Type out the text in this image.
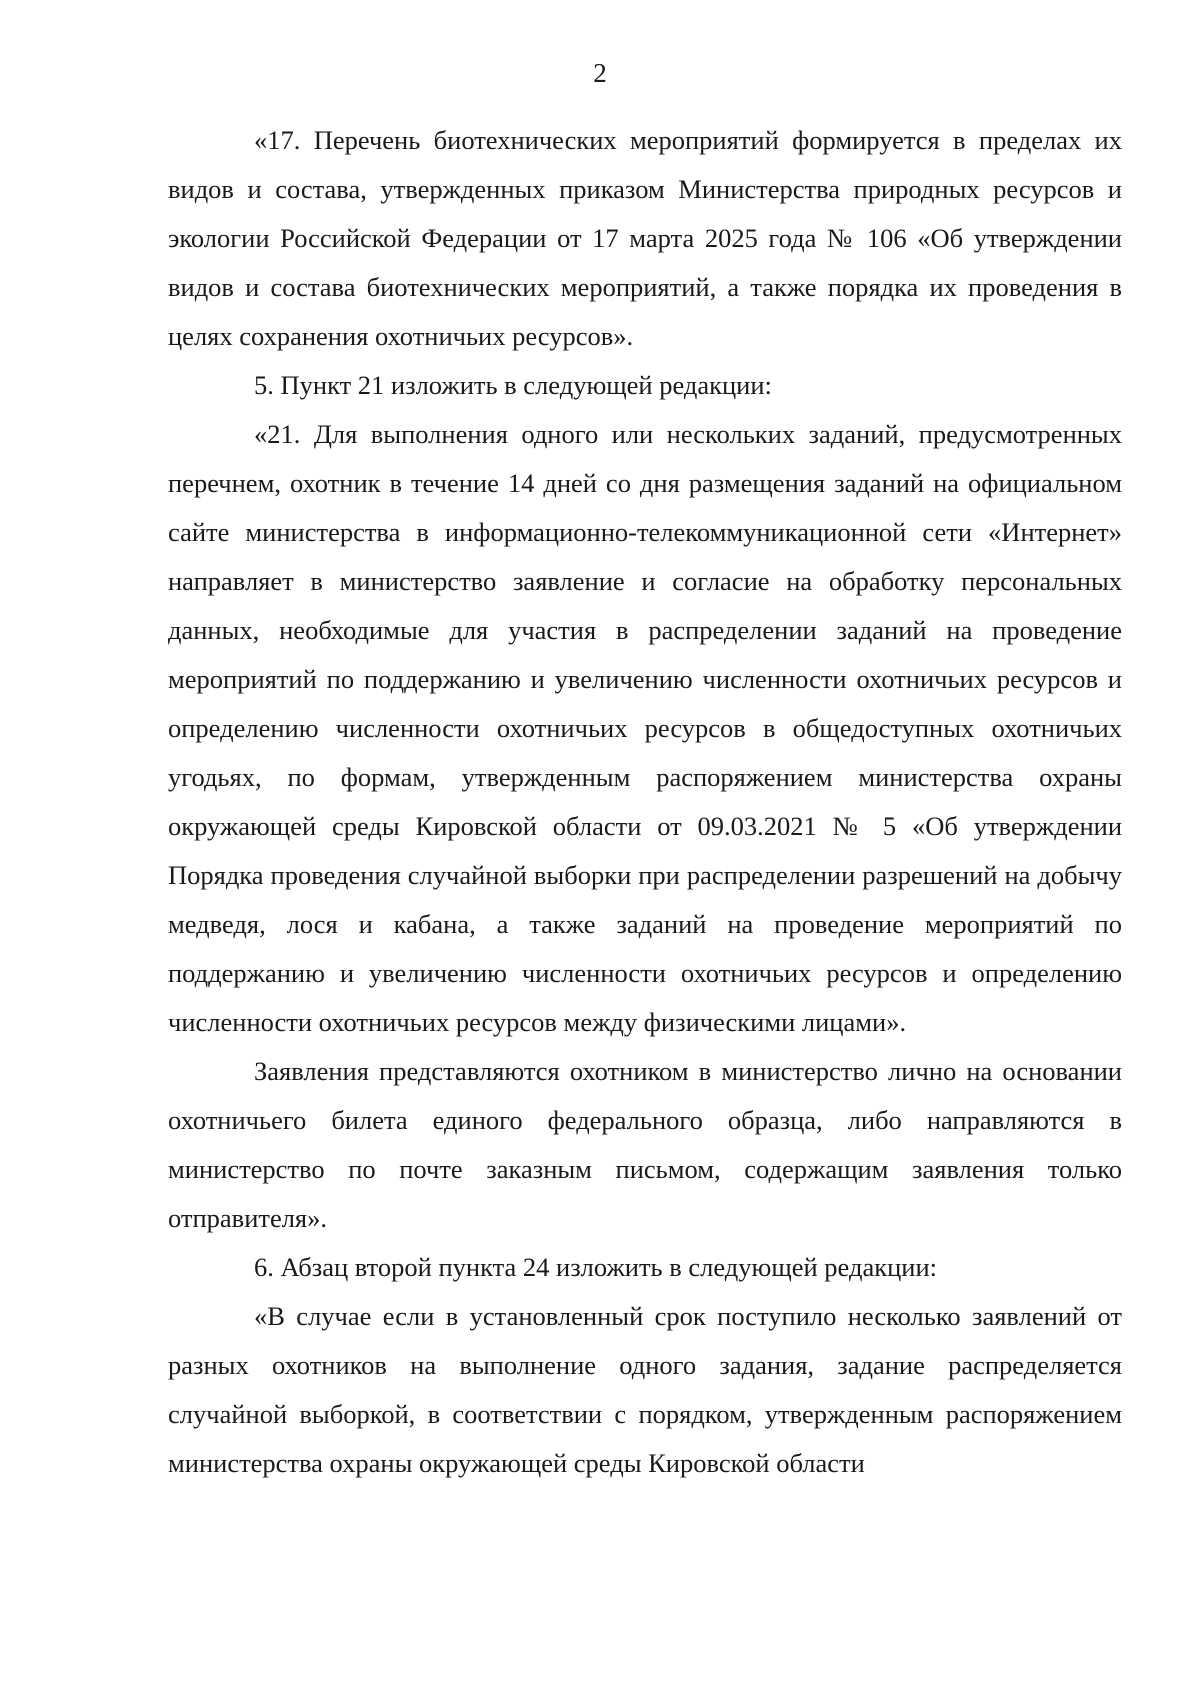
2

«17. Перечень биотехнических мероприятий формируется в пределах их видов и состава, утвержденных приказом Министерства природных ресурсов и экологии Российской Федерации от 17 марта 2025 года № 106 «Об утверждении видов и состава биотехнических мероприятий, а также порядка их проведения в целях сохранения охотничьих ресурсов».

5. Пункт 21 изложить в следующей редакции:

«21. Для выполнения одного или нескольких заданий, предусмотренных перечнем, охотник в течение 14 дней со дня размещения заданий на официальном сайте министерства в информационно-телекоммуникационной сети «Интернет» направляет в министерство заявление и согласие на обработку персональных данных, необходимые для участия в распределении заданий на проведение мероприятий по поддержанию и увеличению численности охотничьих ресурсов и определению численности охотничьих ресурсов в общедоступных охотничьих угодьях, по формам, утвержденным распоряжением министерства охраны окружающей среды Кировской области от 09.03.2021 № 5 «Об утверждении Порядка проведения случайной выборки при распределении разрешений на добычу медведя, лося и кабана, а также заданий на проведение мероприятий по поддержанию и увеличению численности охотничьих ресурсов и определению численности охотничьих ресурсов между физическими лицами».

Заявления представляются охотником в министерство лично на основании охотничьего билета единого федерального образца, либо направляются в министерство по почте заказным письмом, содержащим заявления только отправителя».

6. Абзац второй пункта 24 изложить в следующей редакции:

«В случае если в установленный срок поступило несколько заявлений от разных охотников на выполнение одного задания, задание распределяется случайной выборкой, в соответствии с порядком, утвержденным распоряжением министерства охраны окружающей среды Кировской области
